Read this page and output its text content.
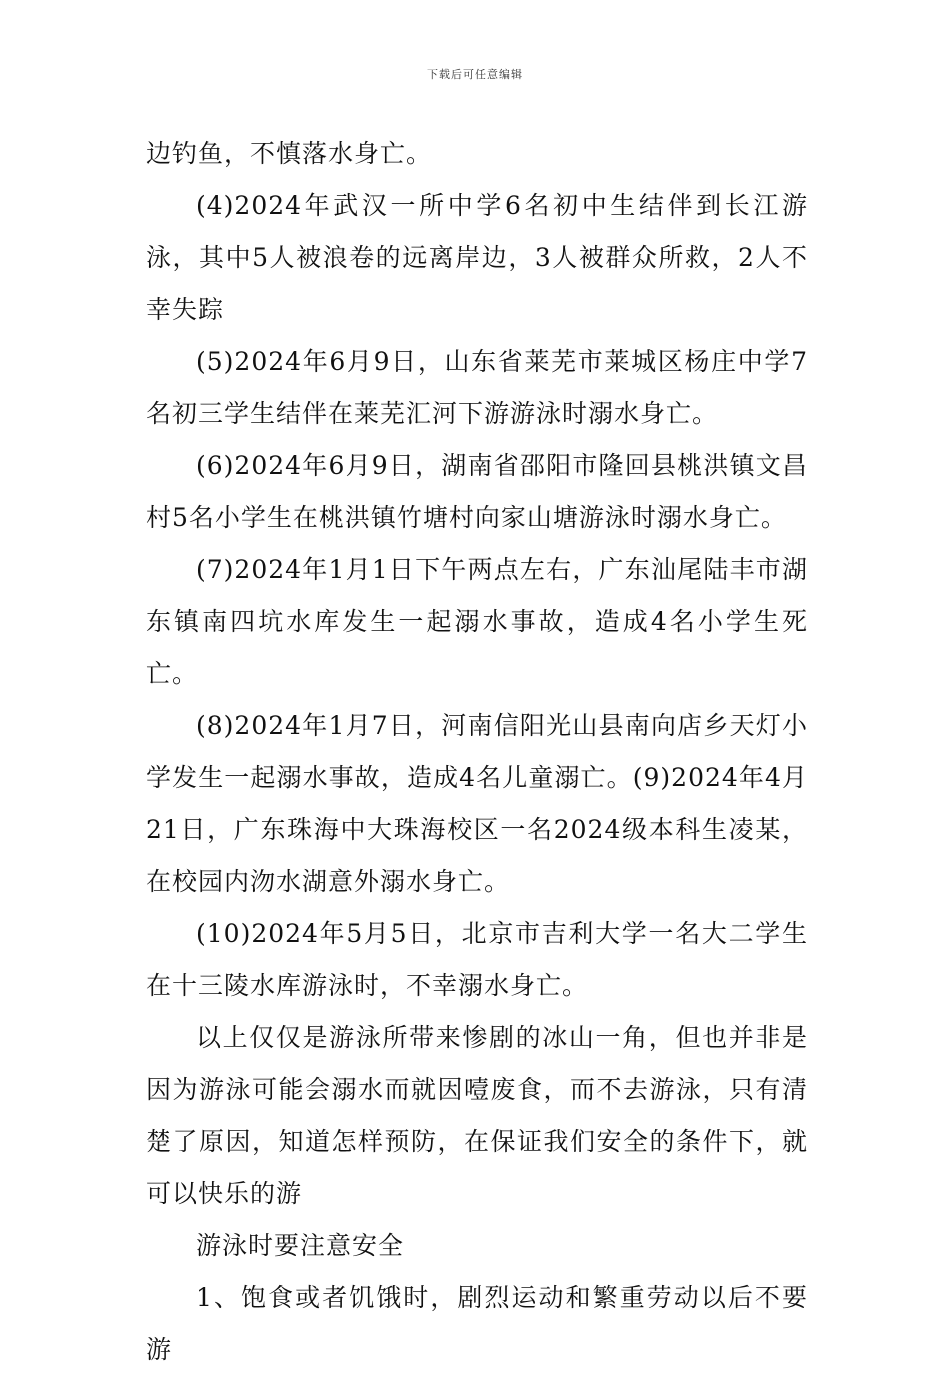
下载后可任意编辑

边钓鱼，不慎落水身亡。

(4)2024年武汉一所中学6名初中生结伴到长江游泳，其中5人被浪卷的远离岸边，3人被群众所救，2人不幸失踪

(5)2024年6月9日，山东省莱芜市莱城区杨庄中学7名初三学生结伴在莱芜汇河下游游泳时溺水身亡。

(6)2024年6月9日，湖南省邵阳市隆回县桃洪镇文昌村5名小学生在桃洪镇竹塘村向家山塘游泳时溺水身亡。

(7)2024年1月1日下午两点左右，广东汕尾陆丰市湖东镇南四坑水库发生一起溺水事故，造成4名小学生死亡。

(8)2024年1月7日，河南信阳光山县南向店乡天灯小学发生一起溺水事故，造成4名儿童溺亡。(9)2024年4月21日，广东珠海中大珠海校区一名2024级本科生凌某，在校园内沕水湖意外溺水身亡。

(10)2024年5月5日，北京市吉利大学一名大二学生在十三陵水库游泳时，不幸溺水身亡。

以上仅仅是游泳所带来惨剧的冰山一角，但也并非是因为游泳可能会溺水而就因噎废食，而不去游泳，只有清楚了原因，知道怎样预防，在保证我们安全的条件下，就可以快乐的游

游泳时要注意安全

1、饱食或者饥饿时，剧烈运动和繁重劳动以后不要游
